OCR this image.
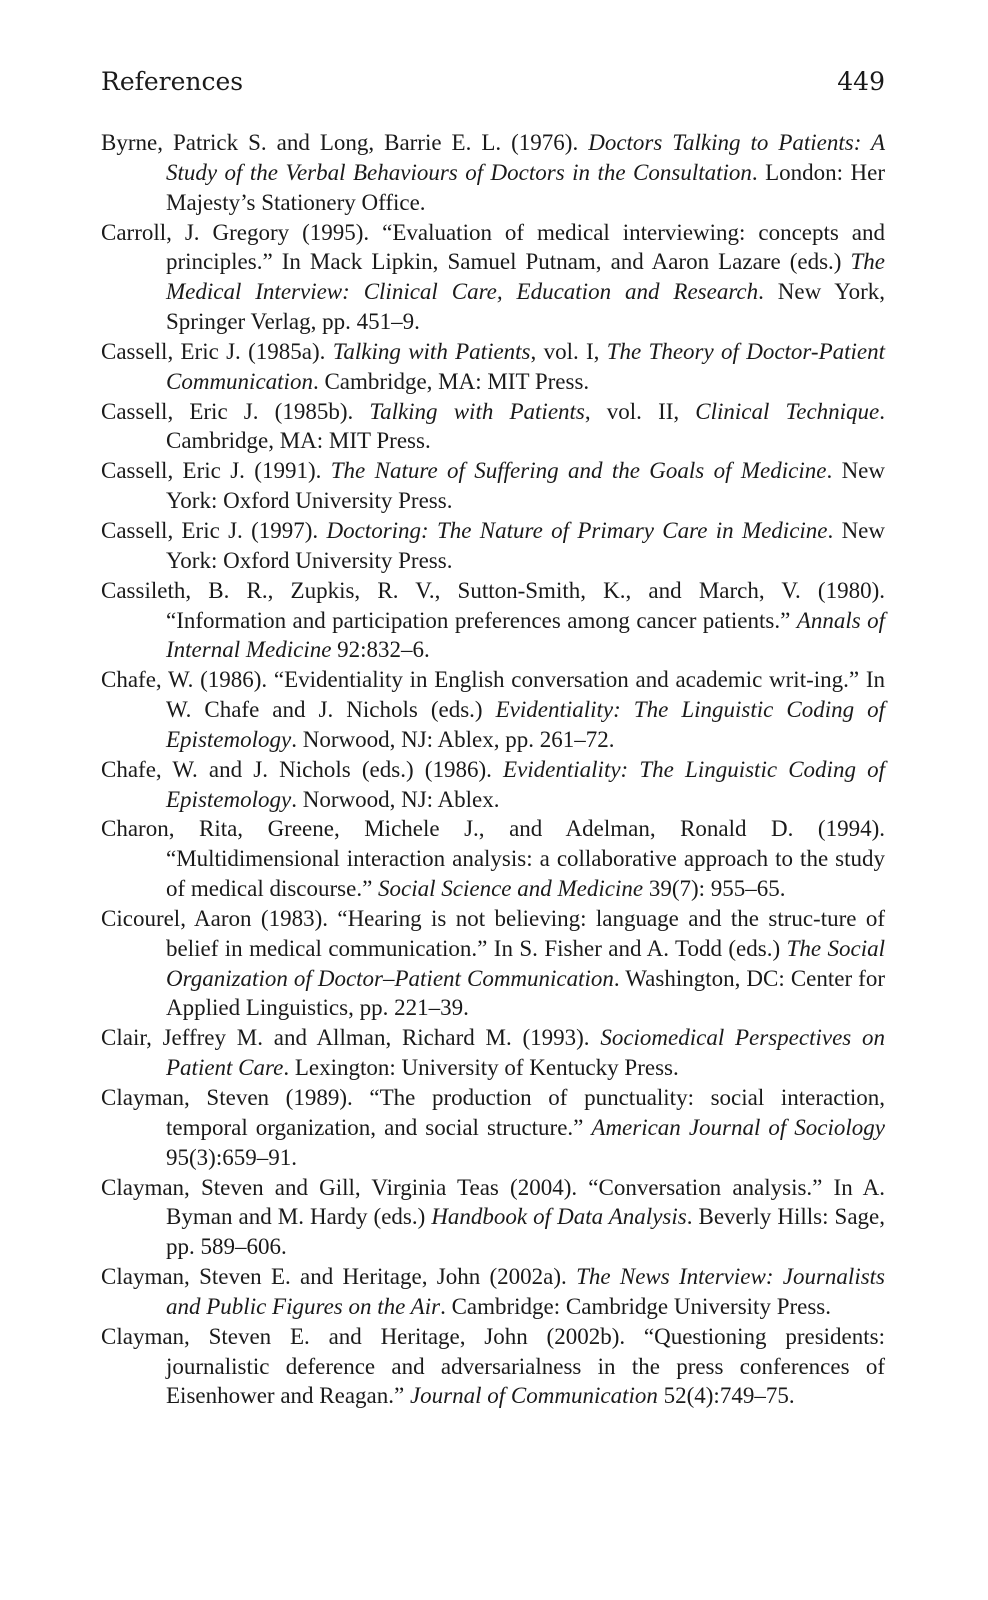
References	449

Byrne, Patrick S. and Long, Barrie E. L. (1976). Doctors Talking to Patients: A Study of the Verbal Behaviours of Doctors in the Consultation. London: Her Majesty’s Stationery Office.

Carroll, J. Gregory (1995). “Evaluation of medical interviewing: concepts and principles.” In Mack Lipkin, Samuel Putnam, and Aaron Lazare (eds.) The Medical Interview: Clinical Care, Education and Research. New York, Springer Verlag, pp. 451–9.

Cassell, Eric J. (1985a). Talking with Patients, vol. I, The Theory of Doctor-Patient Communication. Cambridge, MA: MIT Press.

Cassell, Eric J. (1985b). Talking with Patients, vol. II, Clinical Technique. Cambridge, MA: MIT Press.

Cassell, Eric J. (1991). The Nature of Suffering and the Goals of Medicine. New York: Oxford University Press.

Cassell, Eric J. (1997). Doctoring: The Nature of Primary Care in Medicine. New York: Oxford University Press.

Cassileth, B. R., Zupkis, R. V., Sutton-Smith, K., and March, V. (1980). “Information and participation preferences among cancer patients.” Annals of Internal Medicine 92:832–6.

Chafe, W. (1986). “Evidentiality in English conversation and academic writ-ing.” In W. Chafe and J. Nichols (eds.) Evidentiality: The Linguistic Coding of Epistemology. Norwood, NJ: Ablex, pp. 261–72.

Chafe, W. and J. Nichols (eds.) (1986). Evidentiality: The Linguistic Coding of Epistemology. Norwood, NJ: Ablex.

Charon, Rita, Greene, Michele J., and Adelman, Ronald D. (1994). “Multidimensional interaction analysis: a collaborative approach to the study of medical discourse.” Social Science and Medicine 39(7): 955–65.

Cicourel, Aaron (1983). “Hearing is not believing: language and the struc-ture of belief in medical communication.” In S. Fisher and A. Todd (eds.) The Social Organization of Doctor–Patient Communication. Washington, DC: Center for Applied Linguistics, pp. 221–39.

Clair, Jeffrey M. and Allman, Richard M. (1993). Sociomedical Perspectives on Patient Care. Lexington: University of Kentucky Press.

Clayman, Steven (1989). “The production of punctuality: social interaction, temporal organization, and social structure.” American Journal of Sociology 95(3):659–91.

Clayman, Steven and Gill, Virginia Teas (2004). “Conversation analysis.” In A. Byman and M. Hardy (eds.) Handbook of Data Analysis. Beverly Hills: Sage, pp. 589–606.

Clayman, Steven E. and Heritage, John (2002a). The News Interview: Journalists and Public Figures on the Air. Cambridge: Cambridge University Press.

Clayman, Steven E. and Heritage, John (2002b). “Questioning presidents: journalistic deference and adversarialness in the press conferences of Eisenhower and Reagan.” Journal of Communication 52(4):749–75.
